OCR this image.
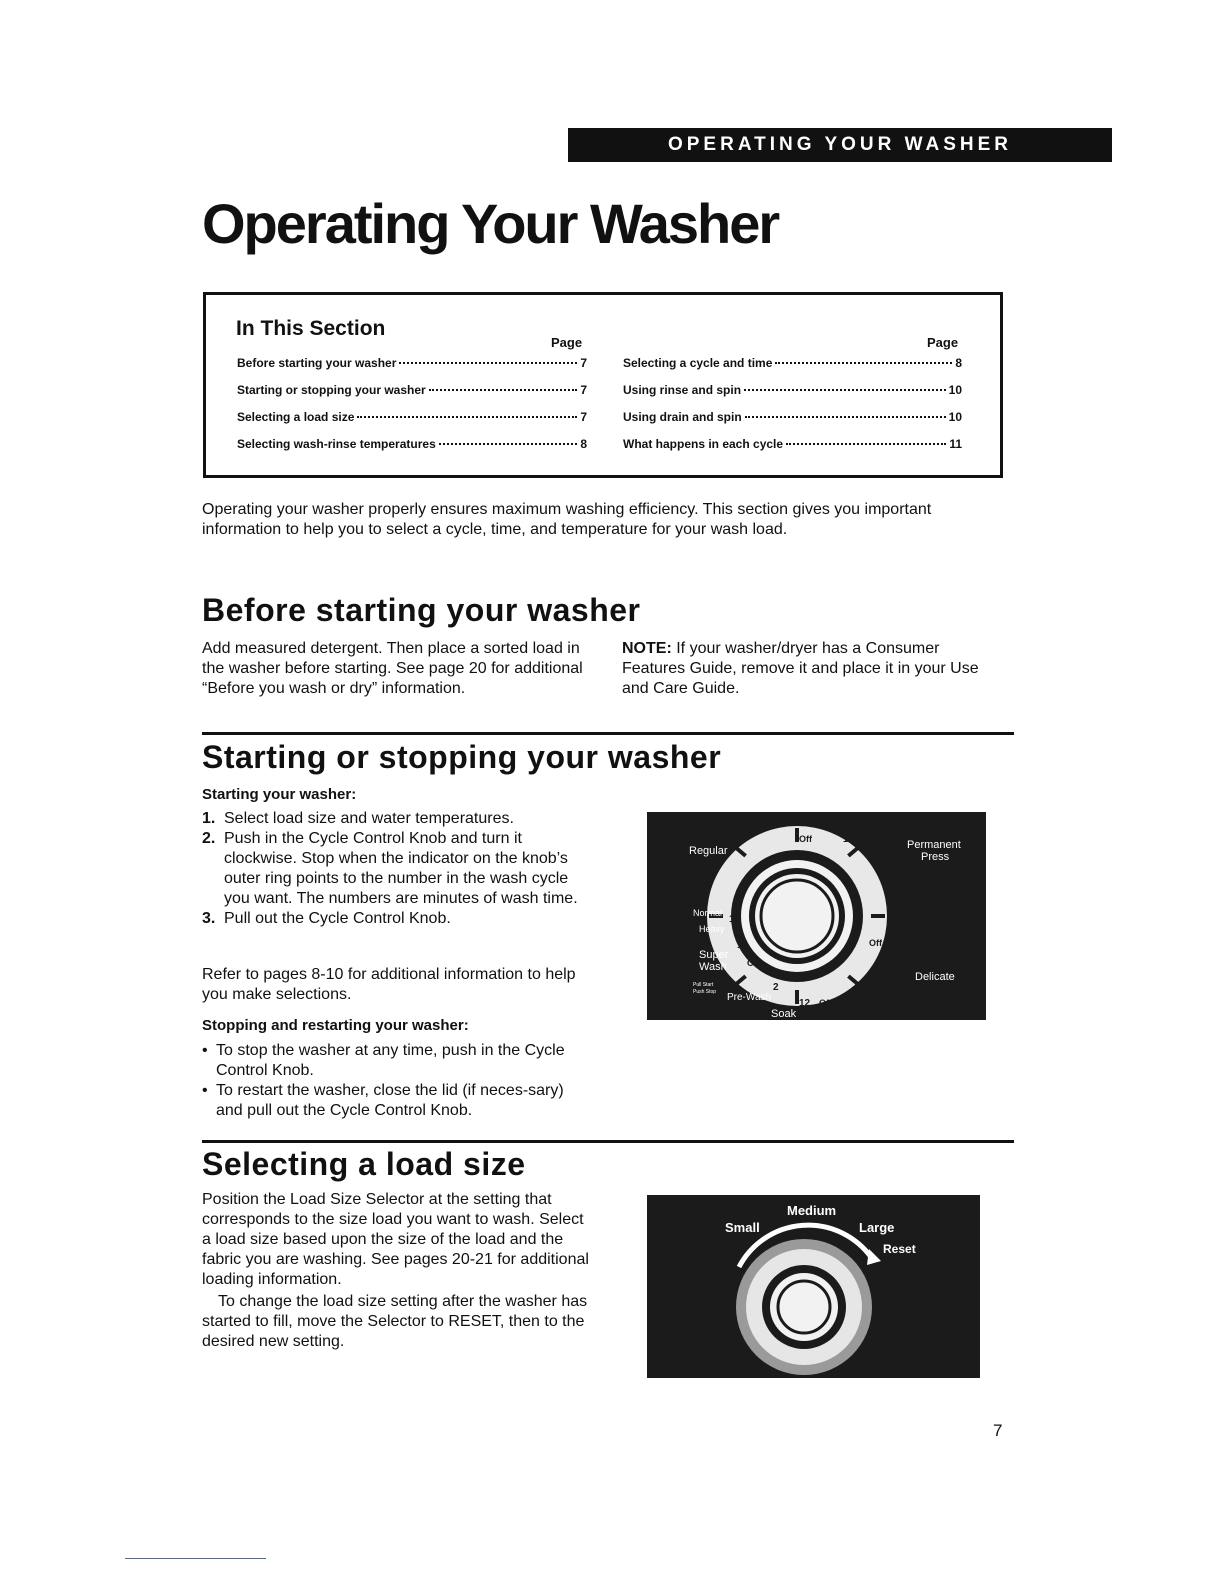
OPERATING YOUR WASHER
Operating Your Washer
In This Section
Page	Page
Before starting your washer	7
Starting or stopping your washer	7
Selecting a load size	7
Selecting wash-rinse temperatures	8
Selecting a cycle and time	8
Using rinse and spin	10
Using drain and spin	10
What happens in each cycle	11
Operating your washer properly ensures maximum washing efficiency. This section gives you important information to help you to select a cycle, time, and temperature for your wash load.
Before starting your washer
Add measured detergent. Then place a sorted load in the washer before starting. See page 20 for additional “Before you wash or dry” information.
NOTE: If your washer/dryer has a Consumer Features Guide, remove it and place it in your Use and Care Guide.
Starting or stopping your washer
Starting your washer:
1. Select load size and water temperatures.
2. Push in the Cycle Control Knob and turn it clockwise. Stop when the indicator on the knob’s outer ring points to the number in the wash cycle you want. The numbers are minutes of wash time.
3. Pull out the Cycle Control Knob.
Refer to pages 8-10 for additional information to help you make selections.
Stopping and restarting your washer:
• To stop the washer at any time, push in the Cycle Control Knob.
• To restart the washer, close the lid (if neces-sary) and pull out the Cycle Control Knob.
Regular	Permanent
Press
Normal
Heavy
Super
Wash
Pull Start
Push Stop Pre-Wash
Soak
Delicate
Off	10
12
14
Off
2
12 Off
Off
6
8
Selecting a load size
Position the Load Size Selector at the setting that corresponds to the size load you want to wash. Select a load size based upon the size of the load and the fabric you are washing. See pages 20-21 for additional loading information.
To change the load size setting after the washer has started to fill, move the Selector to RESET, then to the desired new setting.
Medium
Small	Large
Reset
7
